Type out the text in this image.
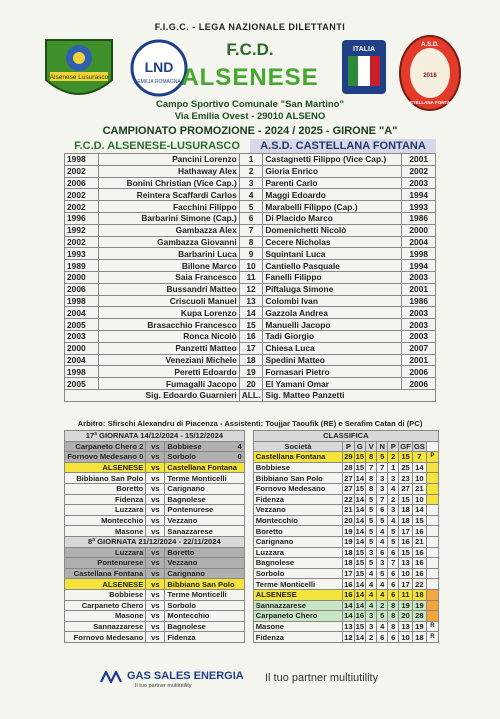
Alsenese Lusurasco
LND
EMILIA ROMAGNA
ITALIA
A.S.D.
2018
CASTELLANA FONTANA
F.I.G.C. - LEGA NAZIONALE DILETTANTI
F.C.D.
ALSENESE
Campo Sportivo Comunale "San Martino"
Via Emilia Ovest - 29010 ALSENO
CAMPIONATO PROMOZIONE - 2024 / 2025 - GIRONE "A"
F.C.D. ALSENESE-LUSURASCO	A.S.D. CASTELLANA FONTANA
1998	Pancini Lorenzo	1	Castagnetti Filippo (Vice Cap.)	2001
2002	Hathaway Alex	2	Gioria Enrico	2002
2006	Bonini Christian (Vice Cap.)	3	Parenti Carlo	2003
2002	Reintera Scaffardi Carlos	4	Maggi Edoardo	1994
2002	Facchini Filippo	5	Marabelli Filippo (Cap.)	1993
1996	Barbarini Simone (Cap.)	6	Di Placido Marco	1986
1992	Gambazza Alex	7	Domenichetti Nicolò	2000
2002	Gambazza Giovanni	8	Cecere Nicholas	2004
1993	Barbarini Luca	9	Squintani Luca	1998
1989	Billone Marco	10	Cantiello Pasquale	1994
2000	Saia Francesco	11	Fanelli Filippo	2003
2006	Bussandri Matteo	12	Piftaluga Simone	2001
1998	Criscuoli Manuel	13	Colombi Ivan	1986
2004	Kupa Lorenzo	14	Gazzola Andrea	2003
2005	Brasacchio Francesco	15	Manuelli Jacopo	2003
2003	Ronca Nicolò	16	Tadi Giorgio	2003
2000	Panzetti Matteo	17	Chiesa Luca	2007
2004	Veneziani Michele	18	Spedini Matteo	2001
1998	Peretti Edoardo	19	Fornasari Pietro	2006
2005	Fumagalli Jacopo	20	El Yamani Omar	2006
Sig. Edoardo Guarnieri		ALL.	Sig. Matteo Panzetti	
Arbitro: Sfirschi Alexandru di Piacenza - Assistenti: Toujjar Taoufik (RE) e Serafim Catan di (PC)
17ª GIORNATA 14/12/2024 - 15/12/2024				CLASSIFICA								
Carpaneto Chero 2	vs	Bobbiese 4		Società	P	G	V	N	P	GF	GS	
Fornovo Medesano 0	vs	Sorbolo 0		Castellana Fontana	29	15	8	5	2	15	7	P
ALSENESE	vs	Castellana Fontana		Bobbiese	28	15	7	7	1	25	14	
Bibbiano San Polo	vs	Terme Monticelli		Bibbiano San Polo	27	14	8	3	3	23	10	
Boretto	vs	Carignano		Fornovo Medesano	27	15	8	3	4	27	21	
Fidenza	vs	Bagnolese		Fidenza	22	14	5	7	2	15	10	
Luzzara	vs	Pontenurese		Vezzano	21	14	5	6	3	18	14	
Montecchio	vs	Vezzano		Montecchio	20	14	5	5	4	18	15	
Masone	vs	Sanazzarese		Boretto	19	14	5	4	5	17	16	
8ª GIORNATA 21/12/2024 - 22/11/2024				Carignano	19	14	5	4	5	16	21	
Luzzara	vs	Boretto		Luzzara	18	15	3	6	6	15	16	
Pontenurese	vs	Vezzano		Bagnolese	18	15	5	3	7	13	16	
Castellana Fontana	vs	Carignano		Sorbolo	17	15	4	5	6	10	16	
ALSENESE	vs	Bibbiano San Polo		Terme Monticelli	16	14	4	4	6	17	22	
Bobbiese	vs	Terme Monticelli		ALSENESE	16	14	4	4	6	11	18	
Carpaneto Chero	vs	Sorbolo		Sannazzarese	14	14	4	2	8	19	19	
Masone	vs	Montecchio		Carpaneto Chero	14	16	3	5	8	20	28	
Sannazzarese	vs	Bagnolese		Masone	13	15	3	4	8	13	19	R
Fornovo Medesano	vs	Fidenza		Fidenza	12	14	2	6	6	10	18	R
GAS SALES ENERGIA
Il tuo partner multiutility
Il tuo partner multiutility
